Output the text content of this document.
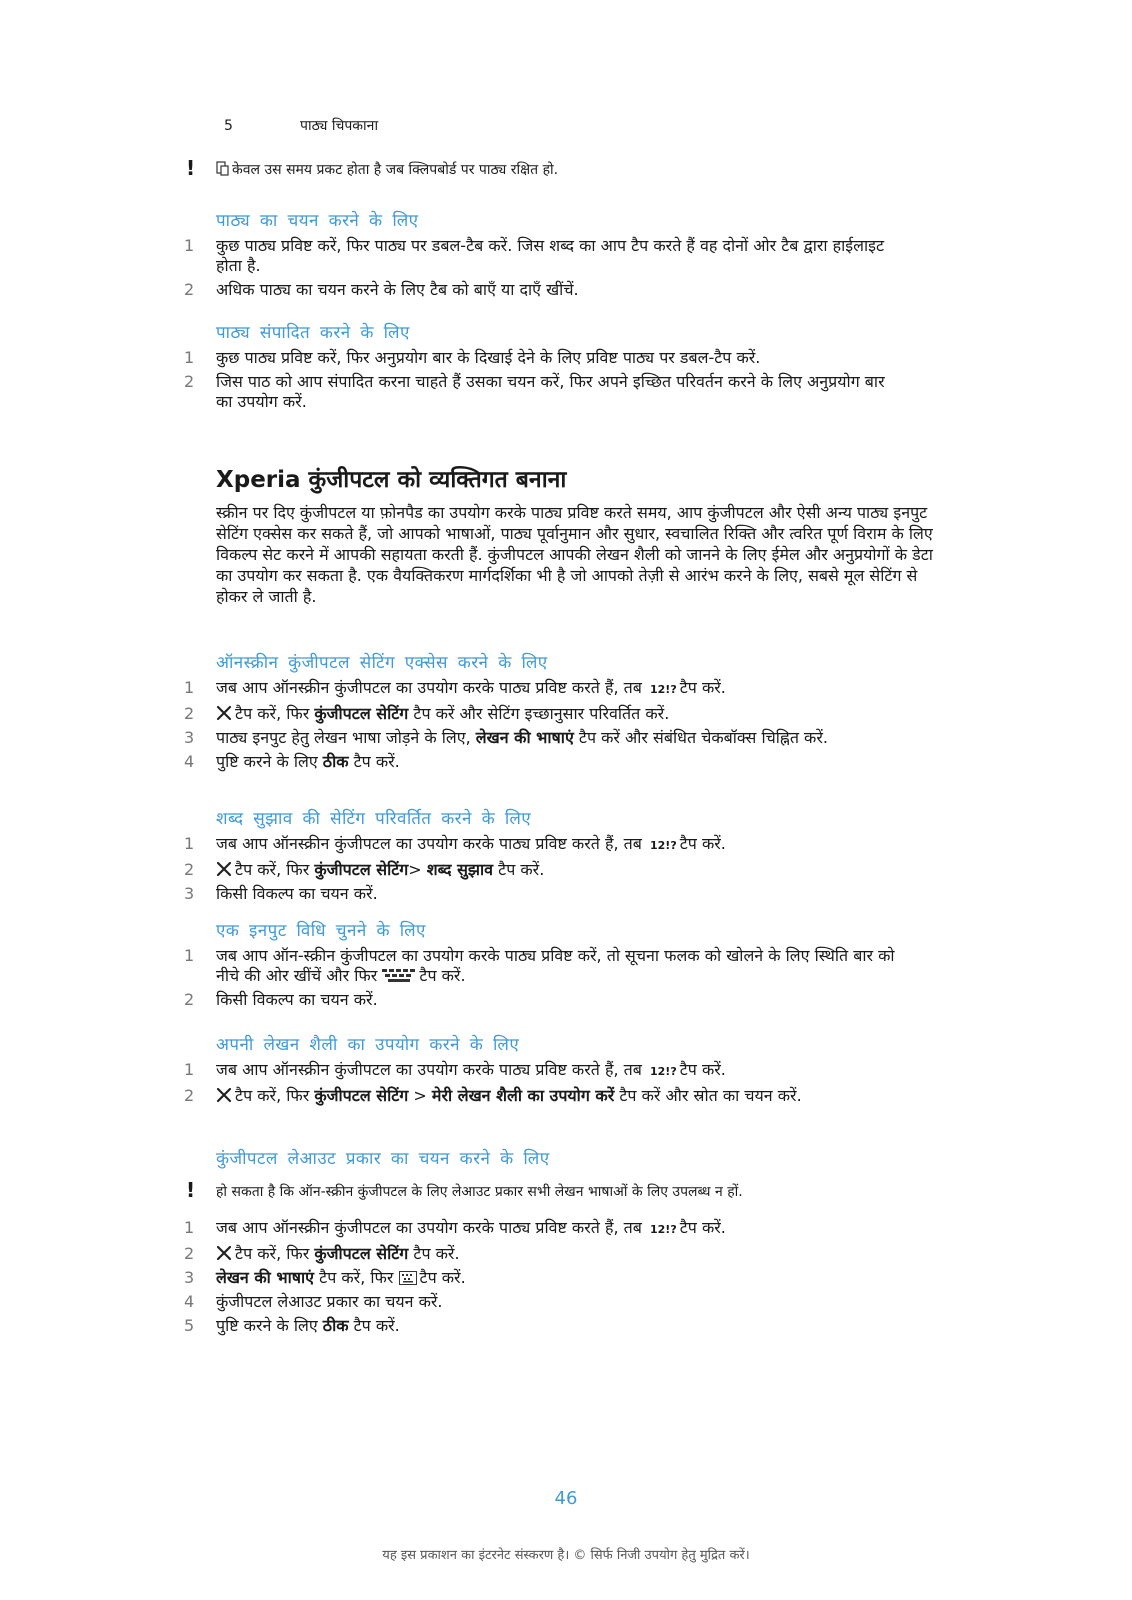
5	पाठ्य चिपकाना
!	केवल उस समय प्रकट होता है जब क्लिपबोर्ड पर पाठ्य रक्षित हो.
पाठ्य का चयन करने के लिए
1	कुछ पाठ्य प्रविष्ट करें, फिर पाठ्य पर डबल-टैब करें. जिस शब्द का आप टैप करते हैं वह दोनों ओर टैब द्वारा हाईलाइट होता है.
2	अधिक पाठ्य का चयन करने के लिए टैब को बाएँ या दाएँ खींचें.
पाठ्य संपादित करने के लिए
1	कुछ पाठ्य प्रविष्ट करें, फिर अनुप्रयोग बार के दिखाई देने के लिए प्रविष्ट पाठ्य पर डबल-टैप करें.
2	जिस पाठ को आप संपादित करना चाहते हैं उसका चयन करें, फिर अपने इच्छित परिवर्तन करने के लिए अनुप्रयोग बार का उपयोग करें.
Xperia कुंजीपटल को व्यक्तिगत बनाना
स्क्रीन पर दिए कुंजीपटल या फ़ोनपैड का उपयोग करके पाठ्य प्रविष्ट करते समय, आप कुंजीपटल और ऐसी अन्य पाठ्य इनपुट सेटिंग एक्सेस कर सकते हैं, जो आपको भाषाओं, पाठ्य पूर्वानुमान और सुधार, स्वचालित रिक्ति और त्वरित पूर्ण विराम के लिए विकल्प सेट करने में आपकी सहायता करती हैं. कुंजीपटल आपकी लेखन शैली को जानने के लिए ईमेल और अनुप्रयोगों के डेटा का उपयोग कर सकता है. एक वैयक्तिकरण मार्गदर्शिका भी है जो आपको तेज़ी से आरंभ करने के लिए, सबसे मूल सेटिंग से होकर ले जाती है.
ऑनस्क्रीन कुंजीपटल सेटिंग एक्सेस करने के लिए
1	जब आप ऑनस्क्रीन कुंजीपटल का उपयोग करके पाठ्य प्रविष्ट करते हैं, तब 12!? टैप करें.
2	टैप करें, फिर कुंजीपटल सेटिंग टैप करें और सेटिंग इच्छानुसार परिवर्तित करें.
3	पाठ्य इनपुट हेतु लेखन भाषा जोड़ने के लिए, लेखन की भाषाएं टैप करें और संबंधित चेकबॉक्स चिह्नित करें.
4	पुष्टि करने के लिए ठीक टैप करें.
शब्द सुझाव की सेटिंग परिवर्तित करने के लिए
1	जब आप ऑनस्क्रीन कुंजीपटल का उपयोग करके पाठ्य प्रविष्ट करते हैं, तब 12!? टैप करें.
2	टैप करें, फिर कुंजीपटल सेटिंग> शब्द सुझाव टैप करें.
3	किसी विकल्प का चयन करें.
एक इनपुट विधि चुनने के लिए
1	जब आप ऑन-स्क्रीन कुंजीपटल का उपयोग करके पाठ्य प्रविष्ट करें, तो सूचना फलक को खोलने के लिए स्थिति बार को नीचे की ओर खींचें और फिर	टैप करें.
2	किसी विकल्प का चयन करें.
अपनी लेखन शैली का उपयोग करने के लिए
1	जब आप ऑनस्क्रीन कुंजीपटल का उपयोग करके पाठ्य प्रविष्ट करते हैं, तब 12!? टैप करें.
2	टैप करें, फिर कुंजीपटल सेटिंग > मेरी लेखन शैली का उपयोग करें टैप करें और स्रोत का चयन करें.
कुंजीपटल लेआउट प्रकार का चयन करने के लिए
! हो सकता है कि ऑन-स्क्रीन कुंजीपटल के लिए लेआउट प्रकार सभी लेखन भाषाओं के लिए उपलब्ध न हों.
1	जब आप ऑनस्क्रीन कुंजीपटल का उपयोग करके पाठ्य प्रविष्ट करते हैं, तब 12!? टैप करें.
2	टैप करें, फिर कुंजीपटल सेटिंग टैप करें.
3	लेखन की भाषाएं टैप करें, फिर टैप करें.
4	कुंजीपटल लेआउट प्रकार का चयन करें.
5	पुष्टि करने के लिए ठीक टैप करें.
46
यह इस प्रकाशन का इंटरनेट संस्करण है। © सिर्फ निजी उपयोग हेतु मुद्रित करें।
